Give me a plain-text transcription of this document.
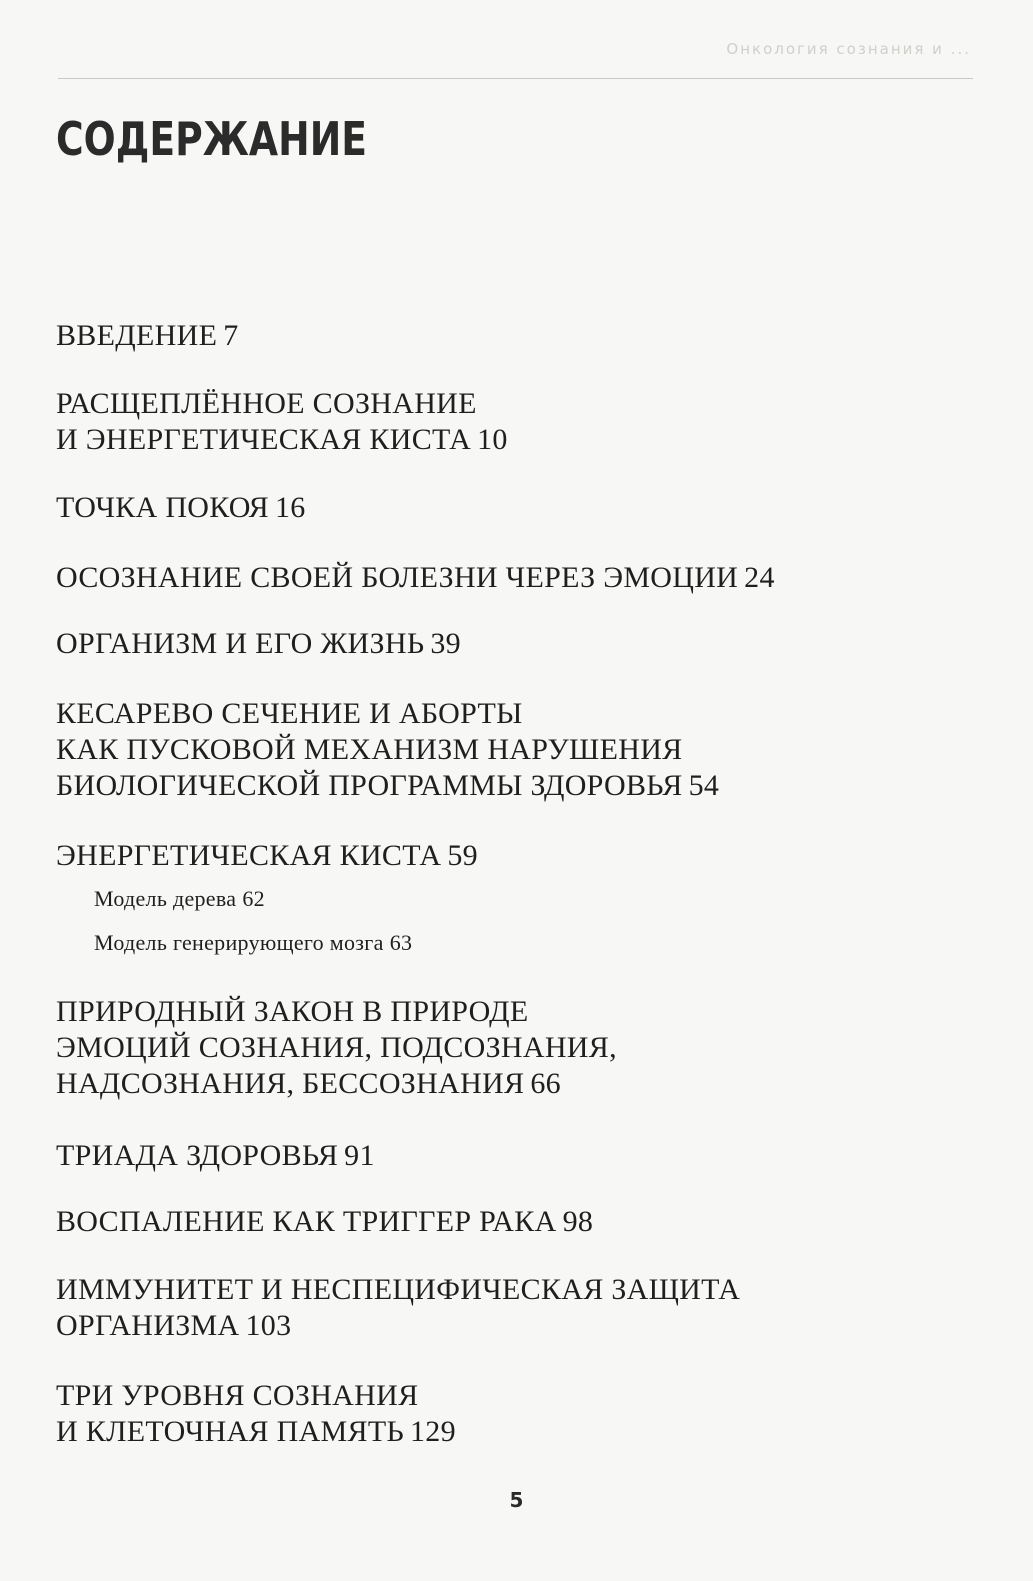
Онкология сознания и ...
СОДЕРЖАНИЕ
ВВЕДЕНИЕ 7
РАСЩЕПЛЁННОЕ СОЗНАНИЕ
И ЭНЕРГЕТИЧЕСКАЯ КИСТА 10
ТОЧКА ПОКОЯ 16
ОСОЗНАНИЕ СВОЕЙ БОЛЕЗНИ ЧЕРЕЗ ЭМОЦИИ 24
ОРГАНИЗМ И ЕГО ЖИЗНЬ 39
КЕСАРЕВО СЕЧЕНИЕ И АБОРТЫ
КАК ПУСКОВОЙ МЕХАНИЗМ НАРУШЕНИЯ
БИОЛОГИЧЕСКОЙ ПРОГРАММЫ ЗДОРОВЬЯ 54
ЭНЕРГЕТИЧЕСКАЯ КИСТА 59
Модель дерева 62
Модель генерирующего мозга 63
ПРИРОДНЫЙ ЗАКОН В ПРИРОДЕ
ЭМОЦИЙ СОЗНАНИЯ, ПОДСОЗНАНИЯ,
НАДСОЗНАНИЯ, БЕССОЗНАНИЯ 66
ТРИАДА ЗДОРОВЬЯ 91
ВОСПАЛЕНИЕ КАК ТРИГГЕР РАКА 98
ИММУНИТЕТ И НЕСПЕЦИФИЧЕСКАЯ ЗАЩИТА
ОРГАНИЗМА 103
ТРИ УРОВНЯ СОЗНАНИЯ
И КЛЕТОЧНАЯ ПАМЯТЬ 129
5
